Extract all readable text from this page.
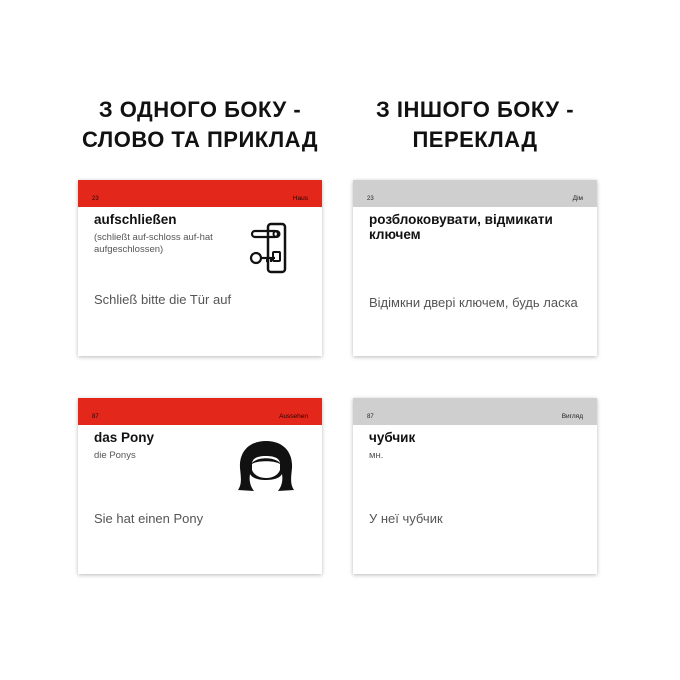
З ОДНОГО БОКУ -
СЛОВО ТА ПРИКЛАД
З ІНШОГО БОКУ -
ПЕРЕКЛАД
23	Haus
aufschließen
(schließt auf-schloss auf-hat aufgeschlossen)
Schließ bitte die Tür auf
23	Дім
розблоковувати, відмикати ключем
Відімкни двері ключем, будь ласка
87	Aussehen
das Pony
die Ponys
Sie hat einen Pony
87	Вигляд
чубчик
мн.
У неї чубчик
